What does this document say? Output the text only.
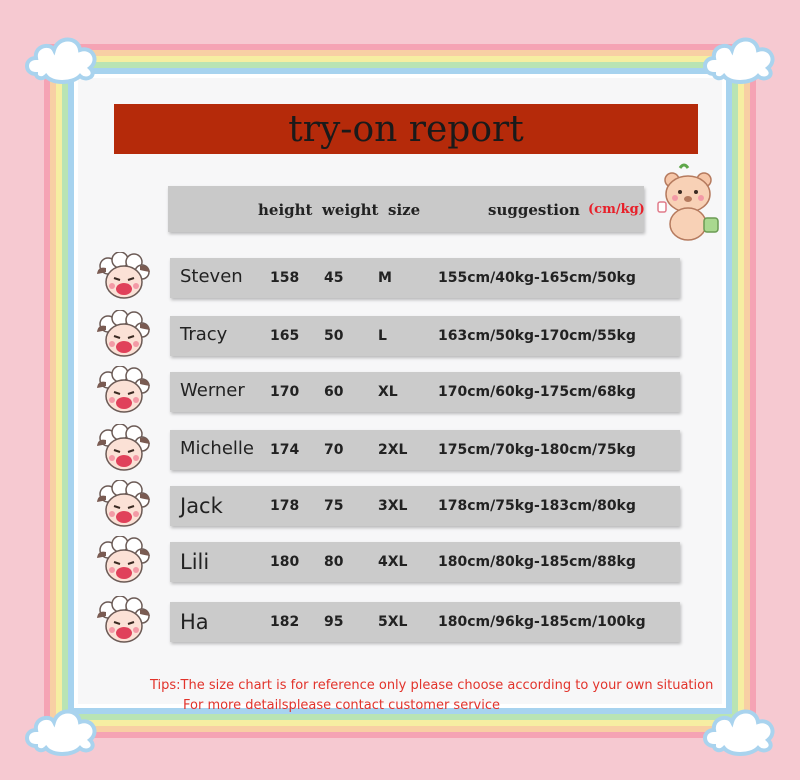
try-on report
height weight size	suggestion (cm/kg)
Steven 158 45 M	155cm/40kg-165cm/50kg
Tracy	165 50 L	163cm/50kg-170cm/55kg
Werner 170 60 XL	170cm/60kg-175cm/68kg
Michelle 174 70 2XL 175cm/70kg-180cm/75kg
Jack	178 75 3XL 178cm/75kg-183cm/80kg
Lili	180 80 4XL 180cm/80kg-185cm/88kg
Ha	182 95 5XL 180cm/96kg-185cm/100kg
Tips:The size chart is for reference only please choose according to your own situation
For more detailsplease contact customer service
